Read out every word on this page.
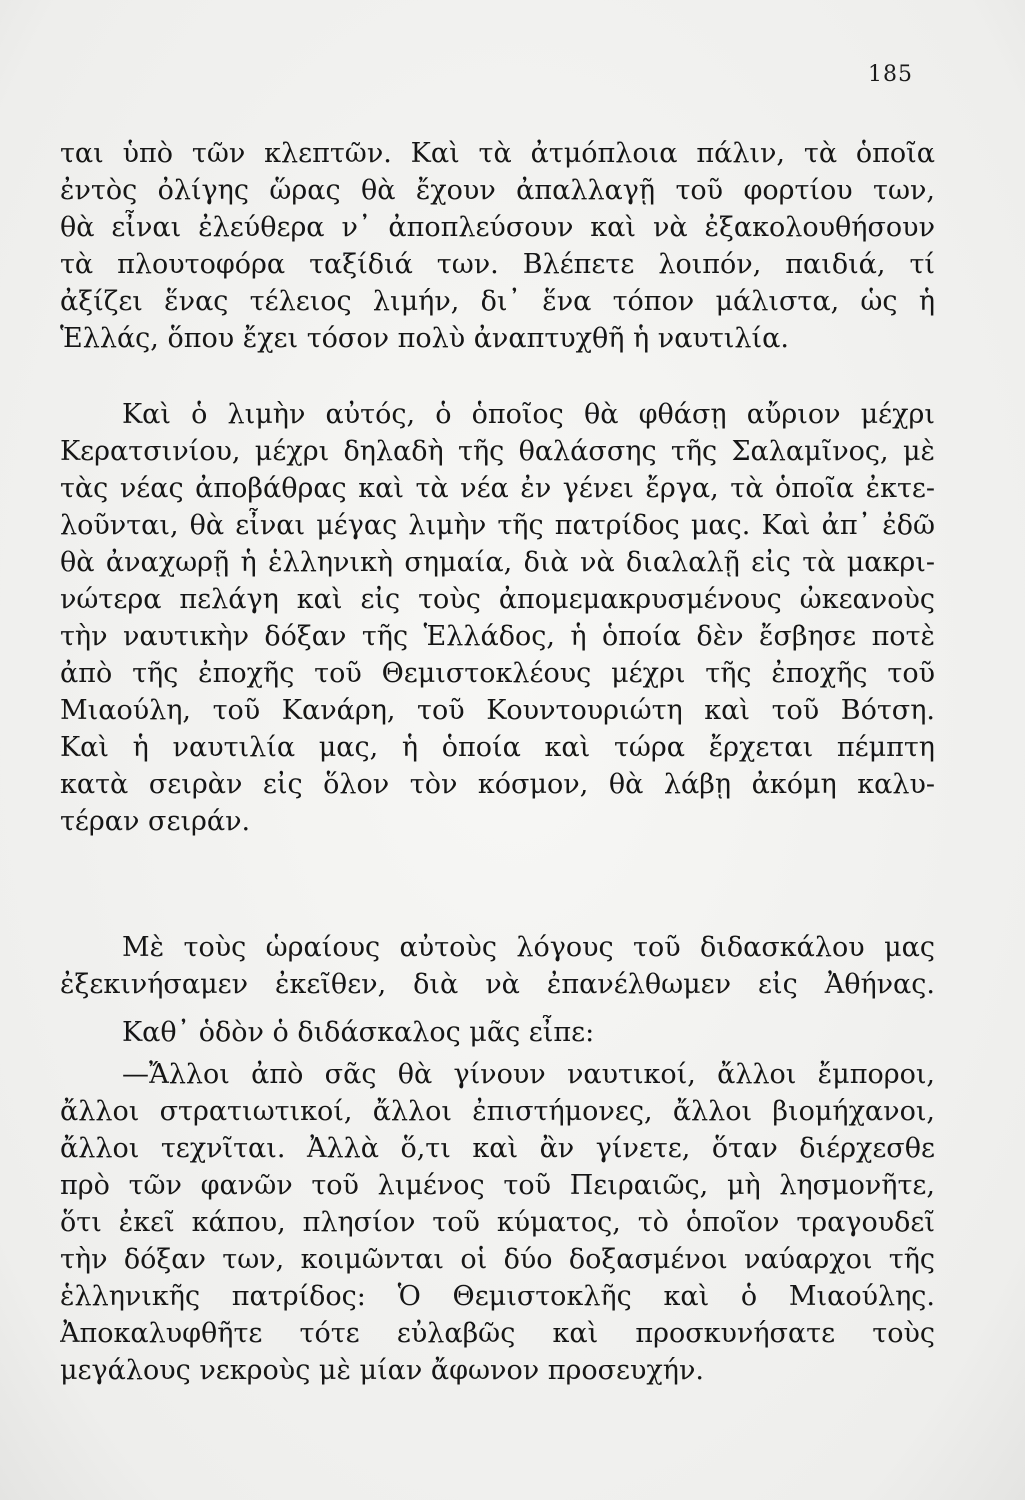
185
ται ὑπὸ τῶν κλεπτῶν. Καὶ τὰ ἀτμόπλοια πάλιν, τὰ ὁποῖα
ἐντὸς ὀλίγης ὥρας θὰ ἔχουν ἀπαλλαγῇ τοῦ φορτίου των,
θὰ εἶναι ἐλεύθερα ν᾽ ἀποπλεύσουν καὶ νὰ ἐξακολουθήσουν
τὰ πλουτοφόρα ταξίδιά των. Βλέπετε λοιπόν, παιδιά, τί
ἀξίζει ἕνας τέλειος λιμήν, δι᾽ ἕνα τόπον μάλιστα, ὡς ἡ
Ἑλλάς, ὅπου ἔχει τόσον πολὺ ἀναπτυχθῆ ἡ ναυτιλία.
Καὶ ὁ λιμὴν αὐτός, ὁ ὁποῖος θὰ φθάσῃ αὔριον μέχρι
Κερατσινίου, μέχρι δηλαδὴ τῆς θαλάσσης τῆς Σαλαμῖνος, μὲ
τὰς νέας ἀποβάθρας καὶ τὰ νέα ἐν γένει ἔργα, τὰ ὁποῖα ἐκτε-
λοῦνται, θὰ εἶναι μέγας λιμὴν τῆς πατρίδος μας. Καὶ ἀπ᾽ ἐδῶ
θὰ ἀναχωρῇ ἡ ἑλληνικὴ σημαία, διὰ νὰ διαλαλῇ εἰς τὰ μακρι-
νώτερα πελάγη καὶ εἰς τοὺς ἀπομεμακρυσμένους ὠκεανοὺς
τὴν ναυτικὴν δόξαν τῆς Ἑλλάδος, ἡ ὁποία δὲν ἔσβησε ποτὲ
ἀπὸ τῆς ἐποχῆς τοῦ Θεμιστοκλέους μέχρι τῆς ἐποχῆς τοῦ
Μιαούλη, τοῦ Κανάρη, τοῦ Κουντουριώτη καὶ τοῦ Βότση.
Καὶ ἡ ναυτιλία μας, ἡ ὁποία καὶ τώρα ἔρχεται πέμπτη
κατὰ σειρὰν εἰς ὅλον τὸν κόσμον, θὰ λάβῃ ἀκόμη καλυ-
τέραν σειράν.
Μὲ τοὺς ὡραίους αὐτοὺς λόγους τοῦ διδασκάλου μας
ἐξεκινήσαμεν ἐκεῖθεν, διὰ νὰ ἐπανέλθωμεν εἰς Ἀθήνας.
Καθ᾽ ὁδὸν ὁ διδάσκαλος μᾶς εἶπε:
—Ἄλλοι ἀπὸ σᾶς θὰ γίνουν ναυτικοί, ἄλλοι ἔμποροι,
ἄλλοι στρατιωτικοί, ἄλλοι ἐπιστήμονες, ἄλλοι βιομήχανοι,
ἄλλοι τεχνῖται. Ἀλλὰ ὅ,τι καὶ ἂν γίνετε, ὅταν διέρχεσθε
πρὸ τῶν φανῶν τοῦ λιμένος τοῦ Πειραιῶς, μὴ λησμονῆτε,
ὅτι ἐκεῖ κάπου, πλησίον τοῦ κύματος, τὸ ὁποῖον τραγουδεῖ
τὴν δόξαν των, κοιμῶνται οἱ δύο δοξασμένοι ναύαρχοι τῆς
ἑλληνικῆς πατρίδος: Ὁ Θεμιστοκλῆς καὶ ὁ Μιαούλης.
Ἀποκαλυφθῆτε τότε εὐλαβῶς καὶ προσκυνήσατε τοὺς
μεγάλους νεκροὺς μὲ μίαν ἄφωνον προσευχήν.
